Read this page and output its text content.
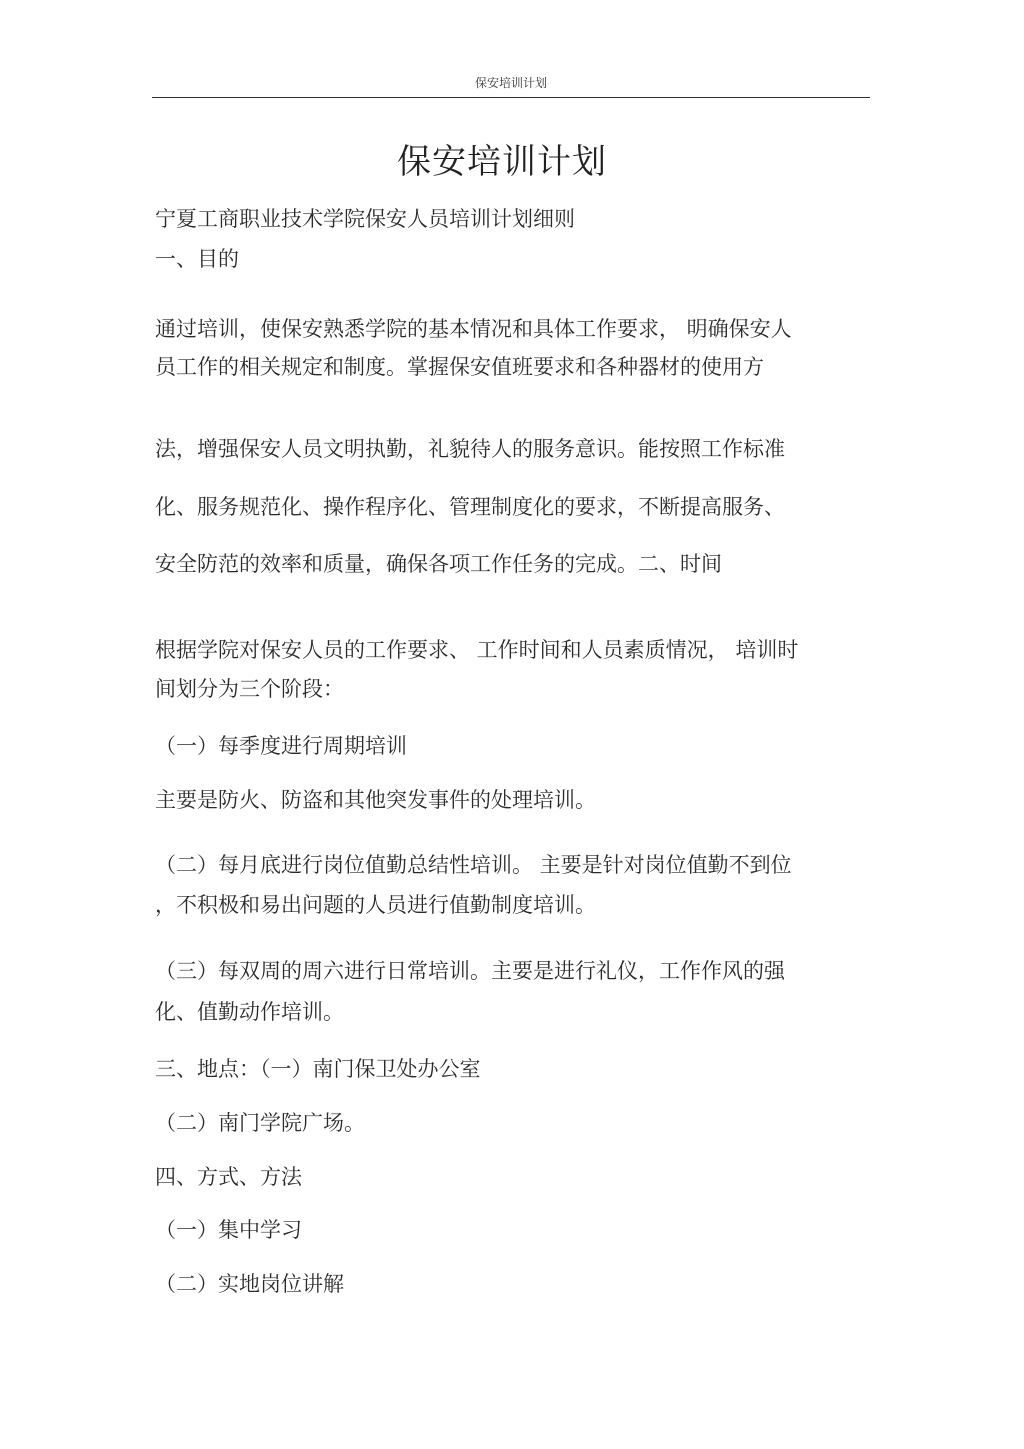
保安培训计划
保安培训计划
宁夏工商职业技术学院保安人员培训计划细则
一、目的
通过培训，使保安熟悉学院的基本情况和具体工作要求， 明确保安人
员工作的相关规定和制度。掌握保安值班要求和各种器材的使用方
法，增强保安人员文明执勤，礼貌待人的服务意识。能按照工作标准
化、服务规范化、操作程序化、管理制度化的要求，不断提高服务、
安全防范的效率和质量，确保各项工作任务的完成。二、时间
根据学院对保安人员的工作要求、 工作时间和人员素质情况， 培训时
间划分为三个阶段：
（一）每季度进行周期培训
主要是防火、防盗和其他突发事件的处理培训。
（二）每月底进行岗位值勤总结性培训。 主要是针对岗位值勤不到位
，不积极和易出问题的人员进行值勤制度培训。
（三）每双周的周六进行日常培训。主要是进行礼仪，工作作风的强
化、值勤动作培训。
三、地点：（一）南门保卫处办公室
（二）南门学院广场。
四、方式、方法
（一）集中学习
（二）实地岗位讲解
